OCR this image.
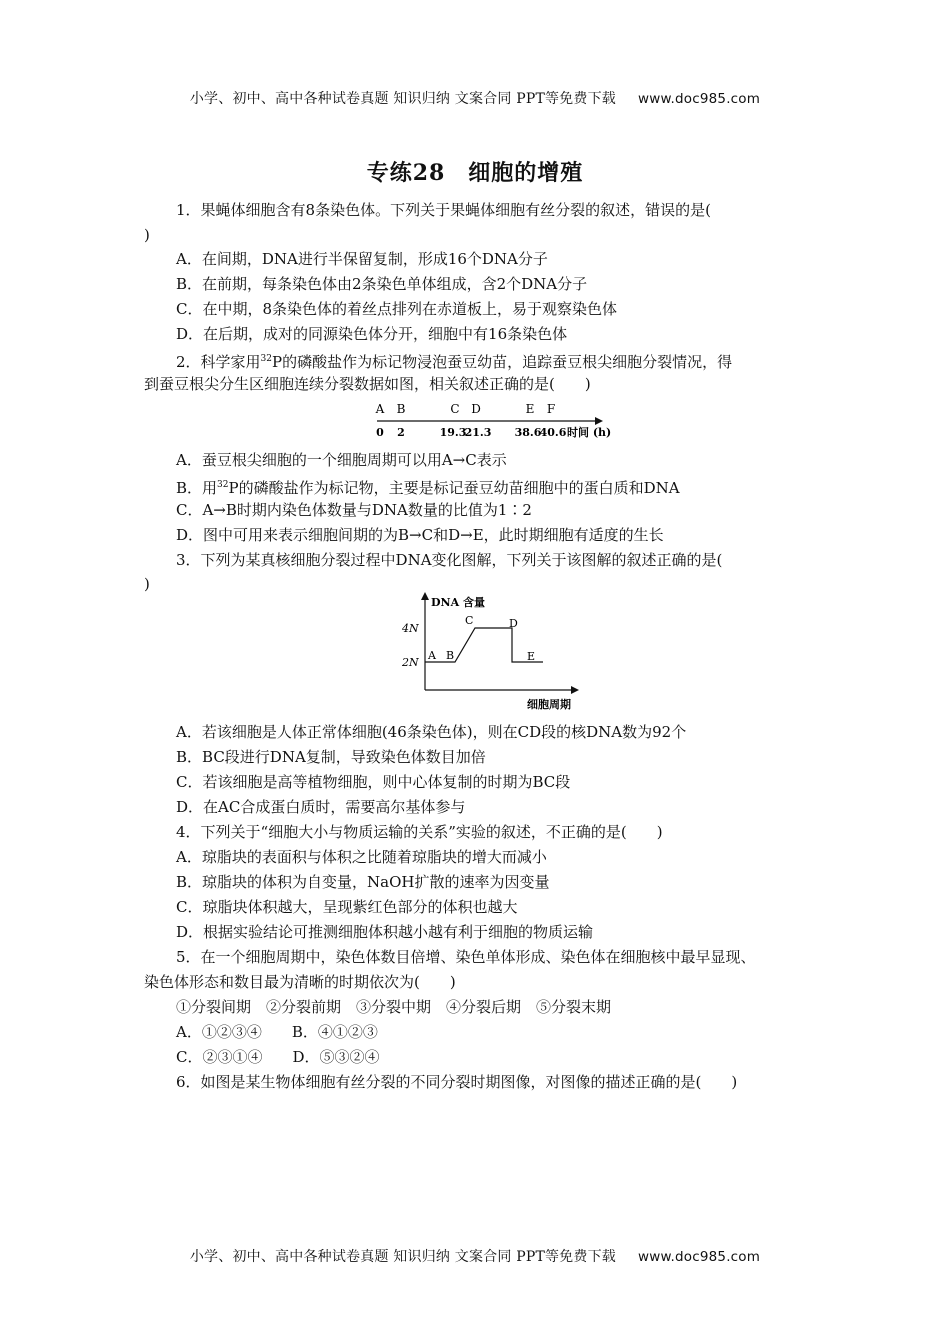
小学、初中、高中各种试卷真题 知识归纳 文案合同 PPT等免费下载 www.doc985.com
专练28　细胞的增殖
1．果蝇体细胞含有8条染色体。下列关于果蝇体细胞有丝分裂的叙述，错误的是(
)
A．在间期，DNA进行半保留复制，形成16个DNA分子
B．在前期，每条染色体由2条染色单体组成，含2个DNA分子
C．在中期，8条染色体的着丝点排列在赤道板上，易于观察染色体
D．在后期，成对的同源染色体分开，细胞中有16条染色体
2．科学家用$^{32}$P的磷酸盐作为标记物浸泡蚕豆幼苗，追踪蚕豆根尖细胞分裂情况，得
到蚕豆根尖分生区细胞连续分裂数据如图，相关叙述正确的是(　　)
A B	C D	E F
0 2	19.3
21.3 38.6
40.6 时间 (h)
A．蚕豆根尖细胞的一个细胞周期可以用A→C表示
B．用$^{32}$P的磷酸盐作为标记物，主要是标记蚕豆幼苗细胞中的蛋白质和DNA
C．A→B时期内染色体数量与DNA数量的比值为1∶2
D．图中可用来表示细胞间期的为B→C和D→E，此时期细胞有适度的生长
3．下列为某真核细胞分裂过程中DNA变化图解，下列关于该图解的叙述正确的是(
)
DNA 含量
4N
2N
A B
C	D
E
细胞周期
A．若该细胞是人体正常体细胞(46条染色体)，则在CD段的核DNA数为92个
B．BC段进行DNA复制，导致染色体数目加倍
C．若该细胞是高等植物细胞，则中心体复制的时期为BC段
D．在AC合成蛋白质时，需要高尔基体参与
4．下列关于“细胞大小与物质运输的关系”实验的叙述，不正确的是(　　)
A．琼脂块的表面积与体积之比随着琼脂块的增大而减小
B．琼脂块的体积为自变量，NaOH扩散的速率为因变量
C．琼脂块体积越大，呈现紫红色部分的体积也越大
D．根据实验结论可推测细胞体积越小越有利于细胞的物质运输
5．在一个细胞周期中，染色体数目倍增、染色单体形成、染色体在细胞核中最早显现、
染色体形态和数目最为清晰的时期依次为(　　)
①分裂间期　②分裂前期　③分裂中期　④分裂后期　⑤分裂末期
A．①②③④　　B．④①②③
C．②③①④　　D．⑤③②④
6．如图是某生物体细胞有丝分裂的不同分裂时期图像，对图像的描述正确的是(　　)
小学、初中、高中各种试卷真题 知识归纳 文案合同 PPT等免费下载 www.doc985.com
